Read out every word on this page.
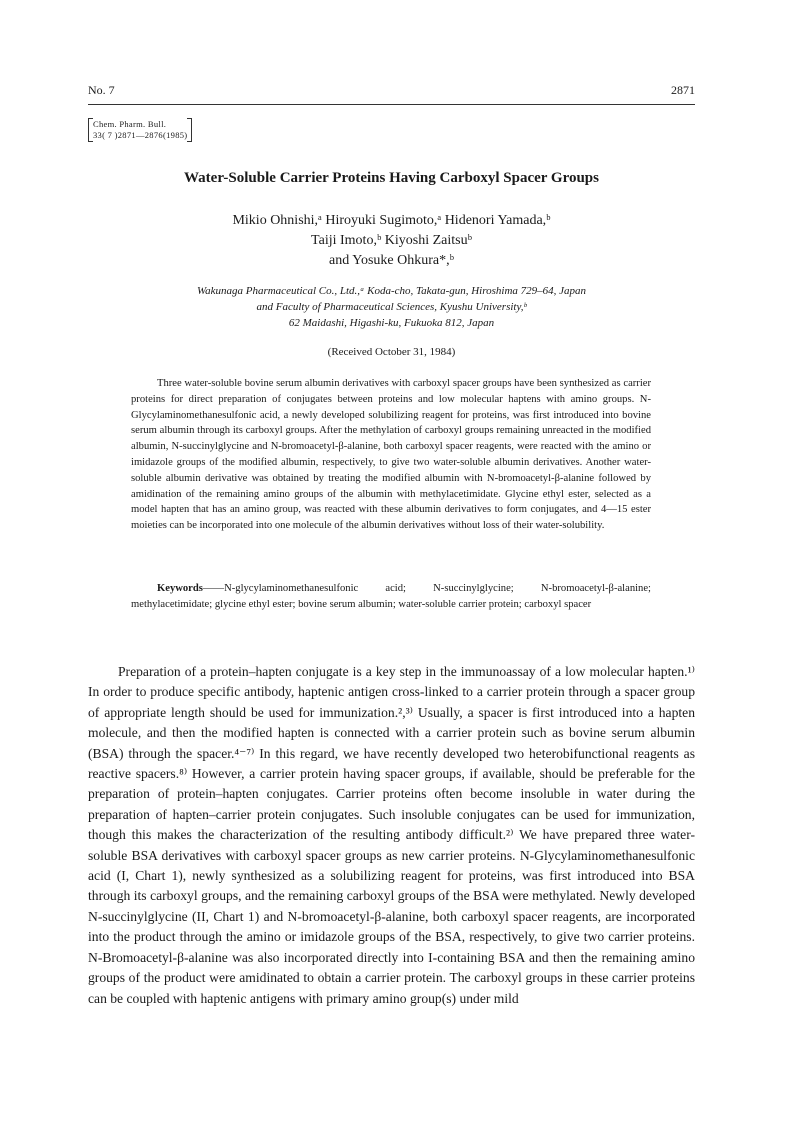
No. 7	2871
Chem. Pharm. Bull.
33( 7 )2871—2876(1985)
Water-Soluble Carrier Proteins Having Carboxyl Spacer Groups
Mikio Ohnishi,ᵃ Hiroyuki Sugimoto,ᵃ Hidenori Yamada,ᵇ
Taiji Imoto,ᵇ Kiyoshi Zaitsuᵇ
and Yosuke Ohkura*,ᵇ
Wakunaga Pharmaceutical Co., Ltd.,ᵃ Koda-cho, Takata-gun, Hiroshima 729–64, Japan
and Faculty of Pharmaceutical Sciences, Kyushu University,ᵇ
62 Maidashi, Higashi-ku, Fukuoka 812, Japan
(Received October 31, 1984)

Three water-soluble bovine serum albumin derivatives with carboxyl spacer groups have been synthesized as carrier proteins for direct preparation of conjugates between proteins and low molecular haptens with amino groups. N-Glycylaminomethanesulfonic acid, a newly developed solubilizing reagent for proteins, was first introduced into bovine serum albumin through its carboxyl groups. After the methylation of carboxyl groups remaining unreacted in the modified albumin, N-succinylglycine and N-bromoacetyl-β-alanine, both carboxyl spacer reagents, were reacted with the amino or imidazole groups of the modified albumin, respectively, to give two water-soluble albumin derivatives. Another water-soluble albumin derivative was obtained by treating the modified albumin with N-bromoacetyl-β-alanine followed by amidination of the remaining amino groups of the albumin with methylacetimidate. Glycine ethyl ester, selected as a model hapten that has an amino group, was reacted with these albumin derivatives to form conjugates, and 4—15 ester moieties can be incorporated into one molecule of the albumin derivatives without loss of their water-solubility.

Keywords——N-glycylaminomethanesulfonic acid; N-succinylglycine; N-bromoacetyl-β-alanine; methylacetimidate; glycine ethyl ester; bovine serum albumin; water-soluble carrier protein; carboxyl spacer

Preparation of a protein–hapten conjugate is a key step in the immunoassay of a low molecular hapten.¹⁾ In order to produce specific antibody, haptenic antigen cross-linked to a carrier protein through a spacer group of appropriate length should be used for immunization.²,³⁾ Usually, a spacer is first introduced into a hapten molecule, and then the modified hapten is connected with a carrier protein such as bovine serum albumin (BSA) through the spacer.⁴⁻⁷⁾ In this regard, we have recently developed two heterobifunctional reagents as reactive spacers.⁸⁾ However, a carrier protein having spacer groups, if available, should be preferable for the preparation of protein–hapten conjugates. Carrier proteins often become insoluble in water during the preparation of hapten–carrier protein conjugates. Such insoluble conjugates can be used for immunization, though this makes the characterization of the resulting antibody difficult.²⁾ We have prepared three water-soluble BSA derivatives with carboxyl spacer groups as new carrier proteins. N-Glycylaminomethanesulfonic acid (I, Chart 1), newly synthesized as a solubilizing reagent for proteins, was first introduced into BSA through its carboxyl groups, and the remaining carboxyl groups of the BSA were methylated. Newly developed N-succinylglycine (II, Chart 1) and N-bromoacetyl-β-alanine, both carboxyl spacer reagents, are incorporated into the product through the amino or imidazole groups of the BSA, respectively, to give two carrier proteins. N-Bromoacetyl-β-alanine was also incorporated directly into I-containing BSA and then the remaining amino groups of the product were amidinated to obtain a carrier protein. The carboxyl groups in these carrier proteins can be coupled with haptenic antigens with primary amino group(s) under mild
